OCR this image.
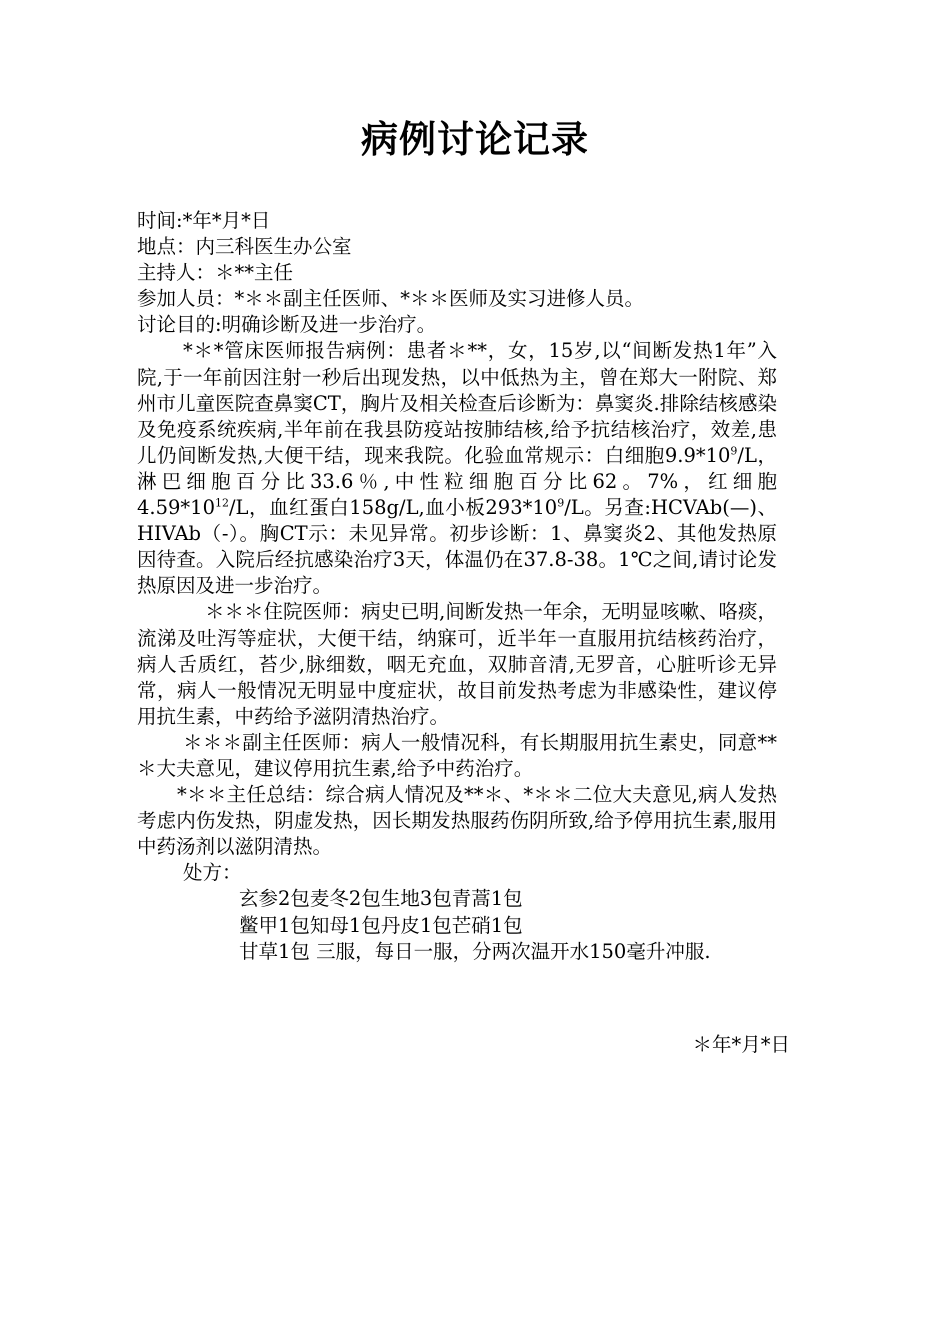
病例讨论记录
时间:*年*月*日
地点：内三科医生办公室
主持人：＊**主任
参加人员：*＊＊副主任医师、*＊＊医师及实习进修人员。
讨论目的:明确诊断及进一步治疗。
*＊*管床医师报告病例：患者＊**，女，15岁,以“间断发热1年”入院,于一年前因注射一秒后出现发热，以中低热为主，曾在郑大一附院、郑州市儿童医院查鼻窦CT，胸片及相关检查后诊断为：鼻窦炎.排除结核感染及免疫系统疾病,半年前在我县防疫站按肺结核,给予抗结核治疗，效差,患儿仍间断发热,大便干结，现来我院。化验血常规示：白细胞$9.9*10^9/L$，淋巴细胞百分比33.6％,中性粒细胞百分比62。7%，红细胞$4.59*10^{12}/L$，血红蛋白158g/L,血小板$293*10^9/L$。另查:HCVAb(—)、HIVAb（-）。胸CT示：未见异常。初步诊断：1、鼻窦炎2、其他发热原因待查。入院后经抗感染治疗3天，体温仍在37.8-38。1℃之间,请讨论发热原因及进一步治疗。
＊＊＊住院医师：病史已明,间断发热一年余，无明显咳嗽、咯痰，流涕及吐泻等症状，大便干结，纳寐可，近半年一直服用抗结核药治疗，病人舌质红，苔少,脉细数，咽无充血，双肺音清,无罗音，心脏听诊无异常，病人一般情况无明显中度症状，故目前发热考虑为非感染性，建议停用抗生素，中药给予滋阴清热治疗。
＊＊＊副主任医师：病人一般情况科，有长期服用抗生素史，同意**＊大夫意见，建议停用抗生素,给予中药治疗。
*＊＊主任总结：综合病人情况及**＊、*＊＊二位大夫意见,病人发热考虑内伤发热，阴虚发热，因长期发热服药伤阴所致,给予停用抗生素,服用中药汤剂以滋阴清热。
处方：
玄参2包麦冬2包生地3包青蒿1包
鳖甲1包知母1包丹皮1包芒硝1包
甘草1包 三服，每日一服，分两次温开水150毫升冲服.
＊年*月*日
